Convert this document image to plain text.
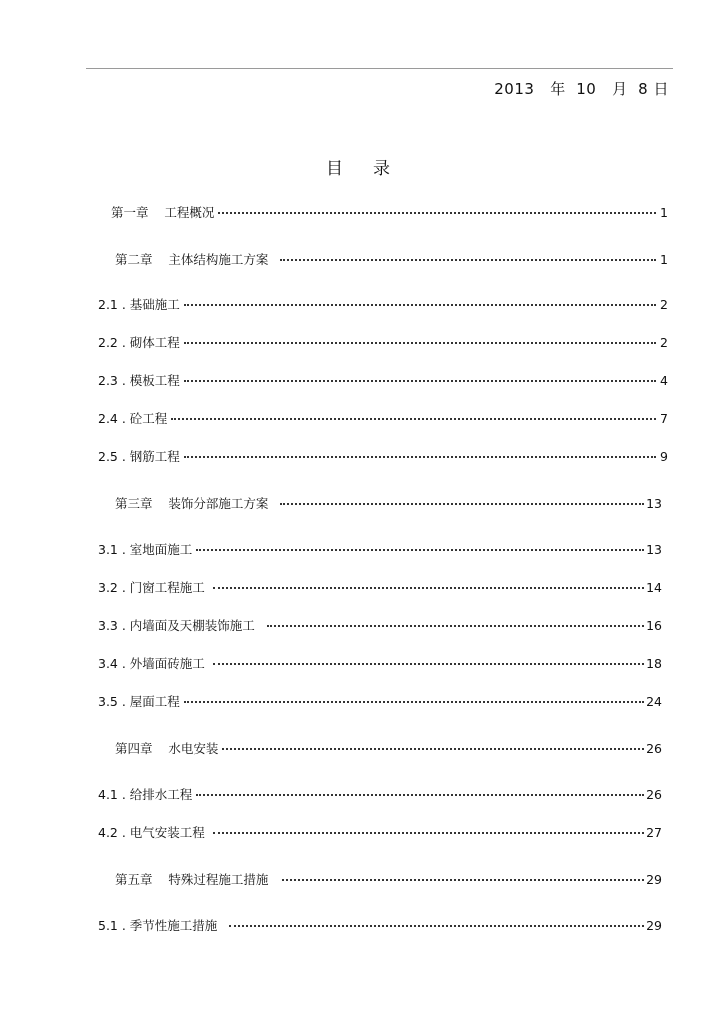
2013   年  10   月  8 日
目录
第一章    工程概况	1
第二章    主体结构施工方案	1
2.1 . 基础施工	2
2.2 . 砌体工程	2
2.3 . 模板工程	4
2.4 . 砼工程	7
2.5 . 钢筋工程	9
第三章    装饰分部施工方案	13
3.1 . 室地面施工	13
3.2 . 门窗工程施工	14
3.3 . 内墙面及天棚装饰施工	16
3.4 . 外墙面砖施工	18
3.5 . 屋面工程	24
第四章    水电安装	26
4.1 . 给排水工程	26
4.2 . 电气安装工程	27
第五章    特殊过程施工措施	29
5.1 . 季节性施工措施	29
